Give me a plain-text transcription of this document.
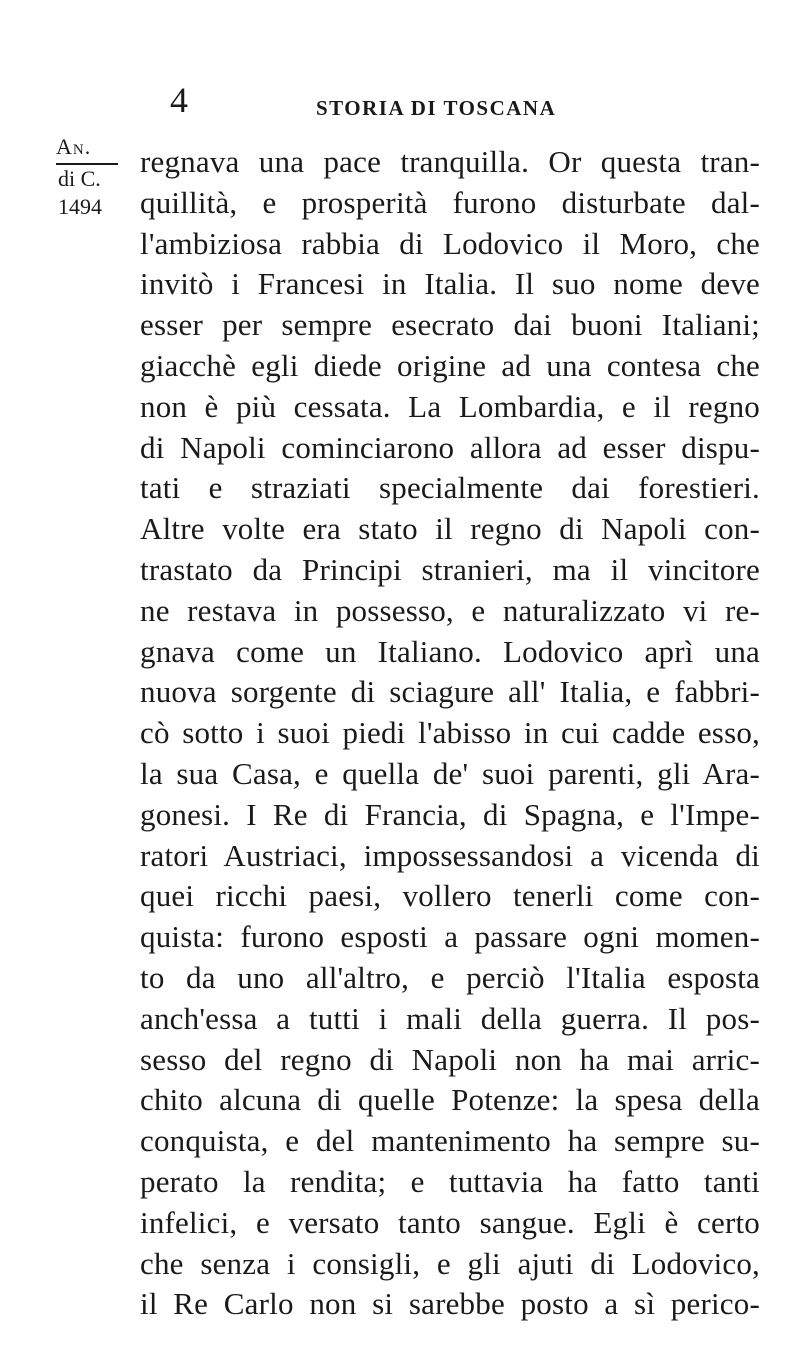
4	STORIA DI TOSCANA
An.
di C.
1494
regnava una pace tranquilla. Or questa tran-
quillità, e prosperità furono disturbate dal-
l'ambiziosa rabbia di Lodovico il Moro, che
invitò i Francesi in Italia. Il suo nome deve
esser per sempre esecrato dai buoni Italiani;
giacchè egli diede origine ad una contesa che
non è più cessata. La Lombardia, e il regno
di Napoli cominciarono allora ad esser dispu-
tati e straziati specialmente dai forestieri.
Altre volte era stato il regno di Napoli con-
trastato da Principi stranieri, ma il vincitore
ne restava in possesso, e naturalizzato vi re-
gnava come un Italiano. Lodovico aprì una
nuova sorgente di sciagure all' Italia, e fabbri-
cò sotto i suoi piedi l'abisso in cui cadde esso,
la sua Casa, e quella de' suoi parenti, gli Ara-
gonesi. I Re di Francia, di Spagna, e l'Impe-
ratori Austriaci, impossessandosi a vicenda di
quei ricchi paesi, vollero tenerli come con-
quista: furono esposti a passare ogni momen-
to da uno all'altro, e perciò l'Italia esposta
anch'essa a tutti i mali della guerra. Il pos-
sesso del regno di Napoli non ha mai arric-
chito alcuna di quelle Potenze: la spesa della
conquista, e del mantenimento ha sempre su-
perato la rendita; e tuttavia ha fatto tanti
infelici, e versato tanto sangue. Egli è certo
che senza i consigli, e gli ajuti di Lodovico,
il Re Carlo non si sarebbe posto a sì perico-
